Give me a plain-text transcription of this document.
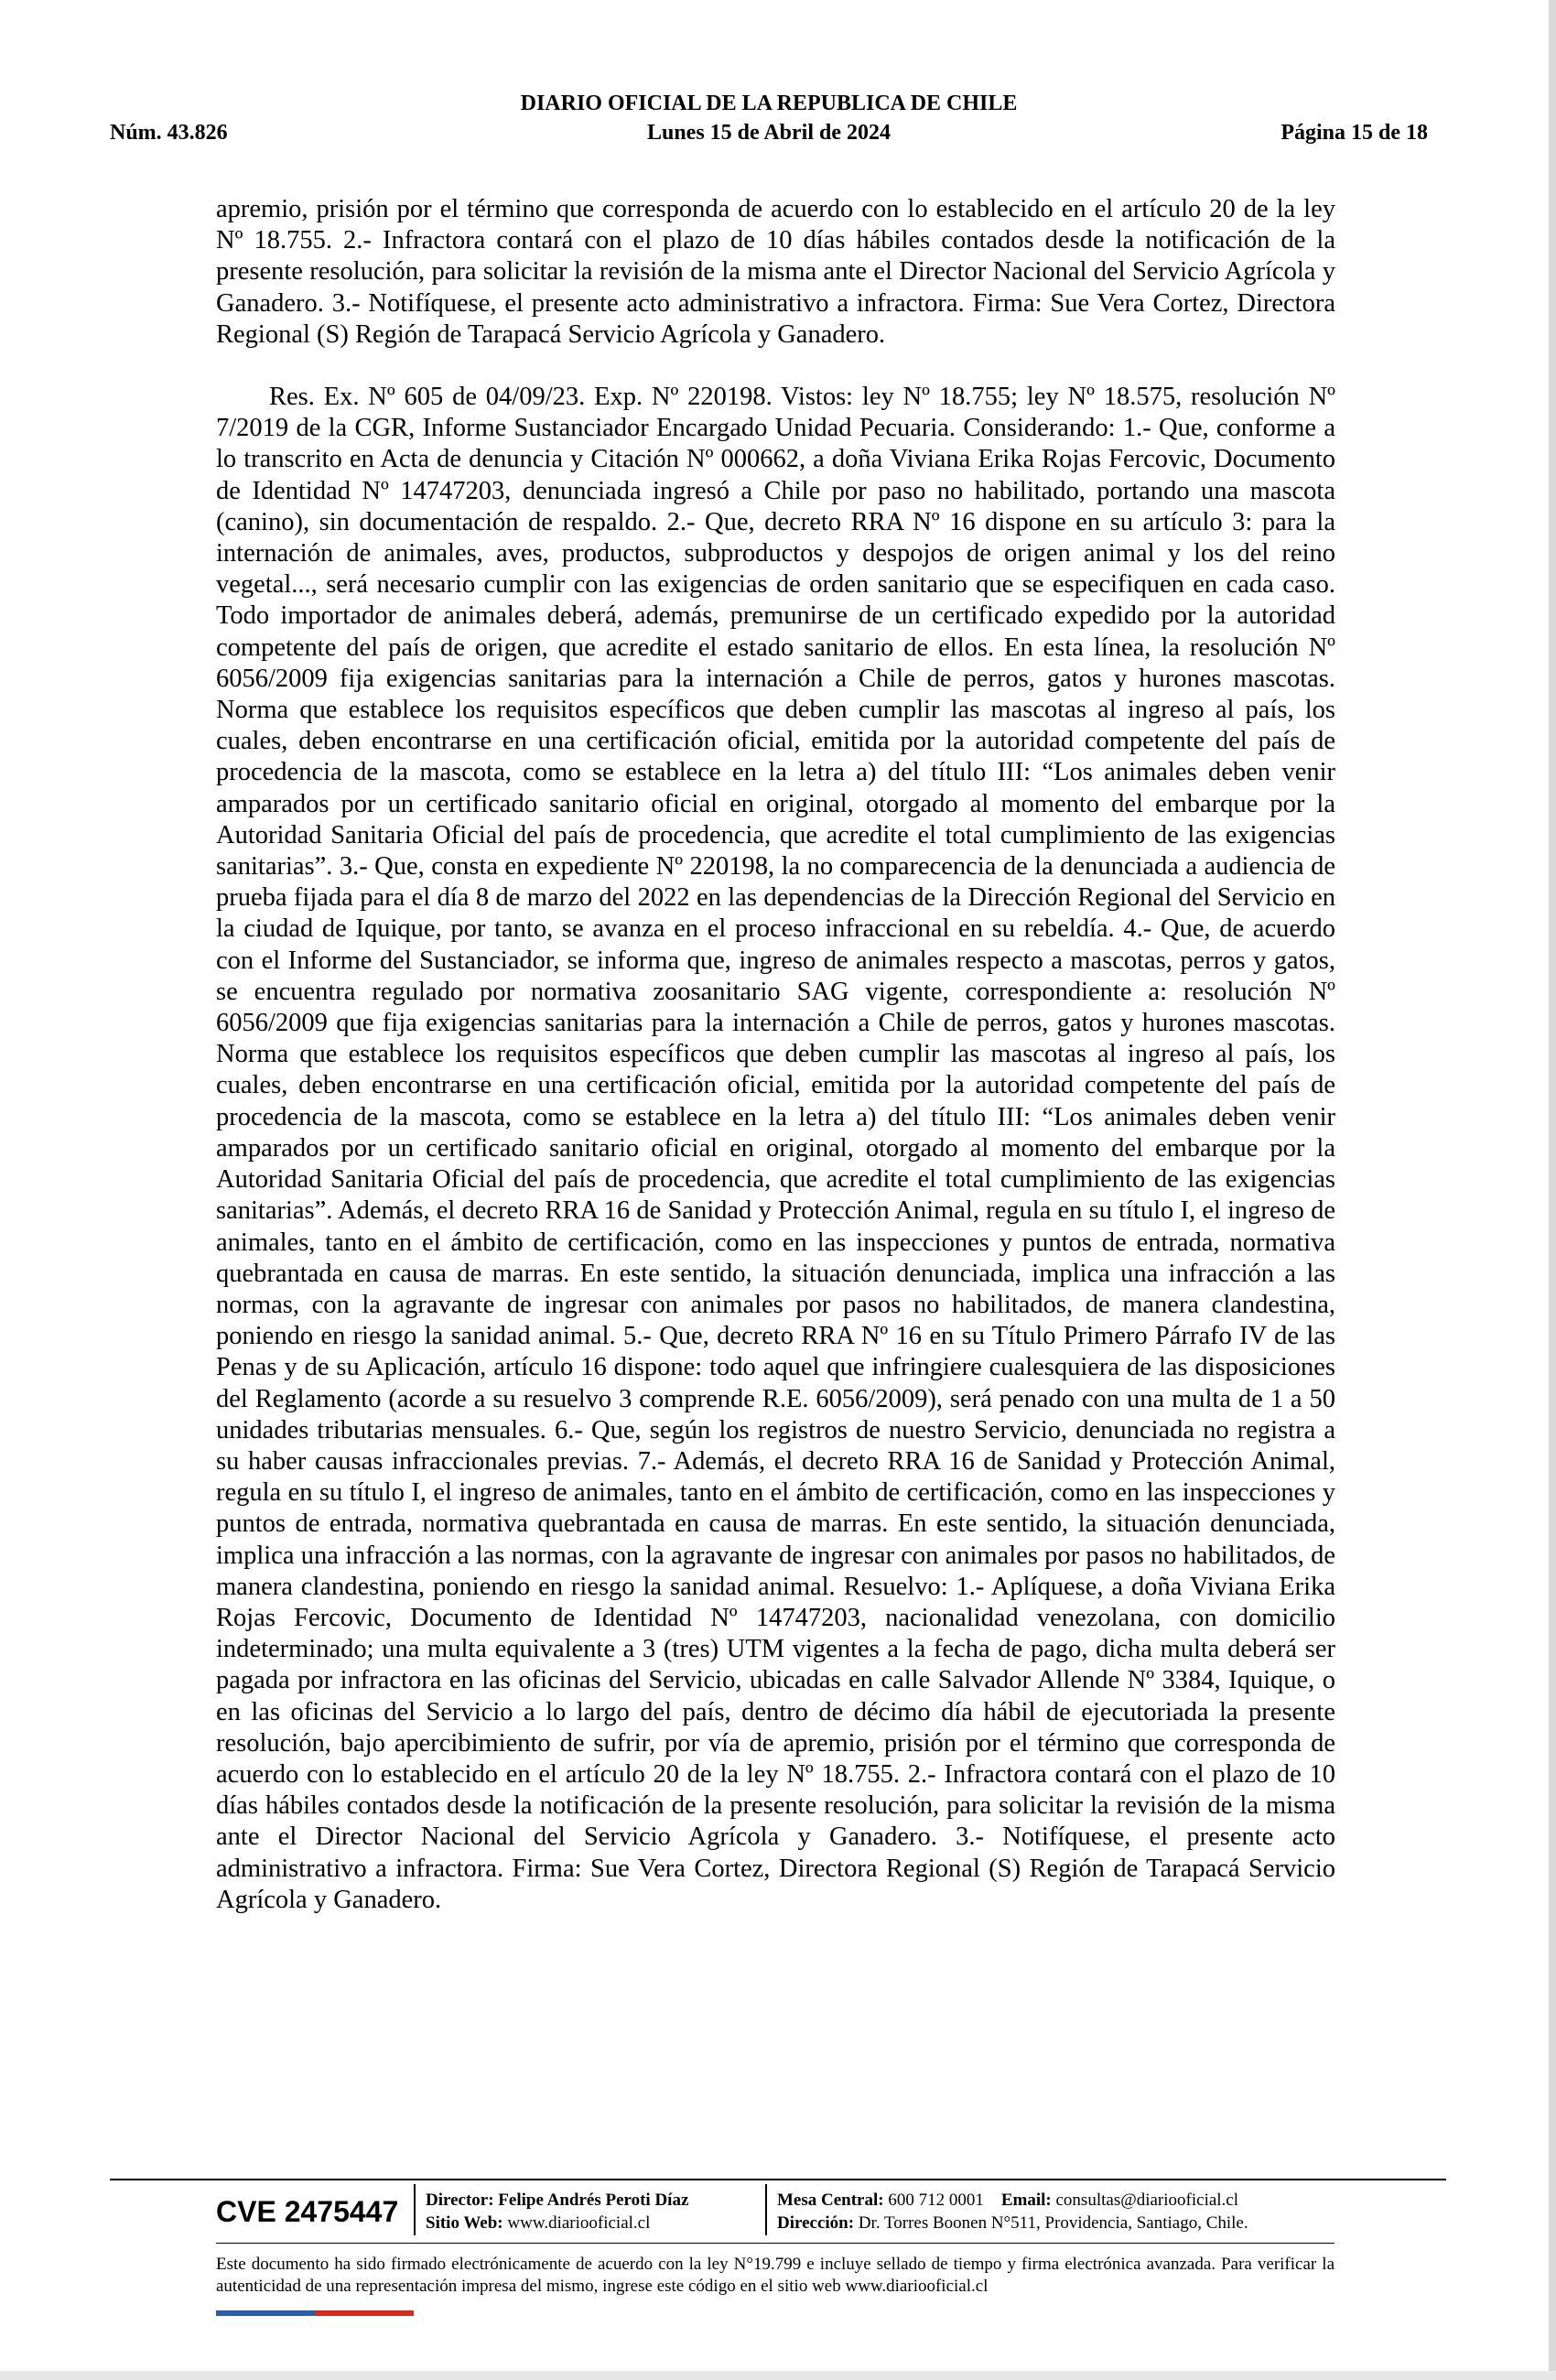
DIARIO OFICIAL DE LA REPUBLICA DE CHILE
Lunes 15 de Abril de 2024
Núm. 43.826	Página 15 de 18

apremio, prisión por el término que corresponda de acuerdo con lo establecido en el artículo 20 de la ley Nº 18.755. 2.- Infractora contará con el plazo de 10 días hábiles contados desde la notificación de la presente resolución, para solicitar la revisión de la misma ante el Director Nacional del Servicio Agrícola y Ganadero. 3.- Notifíquese, el presente acto administrativo a infractora. Firma: Sue Vera Cortez, Directora Regional (S) Región de Tarapacá Servicio Agrícola y Ganadero.

Res. Ex. Nº 605 de 04/09/23. Exp. Nº 220198. Vistos: ley Nº 18.755; ley Nº 18.575, resolución Nº 7/2019 de la CGR, Informe Sustanciador Encargado Unidad Pecuaria. Considerando: 1.- Que, conforme a lo transcrito en Acta de denuncia y Citación Nº 000662, a doña Viviana Erika Rojas Fercovic, Documento de Identidad Nº 14747203, denunciada ingresó a Chile por paso no habilitado, portando una mascota (canino), sin documentación de respaldo. 2.- Que, decreto RRA Nº 16 dispone en su artículo 3: para la internación de animales, aves, productos, subproductos y despojos de origen animal y los del reino vegetal..., será necesario cumplir con las exigencias de orden sanitario que se especifiquen en cada caso. Todo importador de animales deberá, además, premunirse de un certificado expedido por la autoridad competente del país de origen, que acredite el estado sanitario de ellos. En esta línea, la resolución Nº 6056/2009 fija exigencias sanitarias para la internación a Chile de perros, gatos y hurones mascotas. Norma que establece los requisitos específicos que deben cumplir las mascotas al ingreso al país, los cuales, deben encontrarse en una certificación oficial, emitida por la autoridad competente del país de procedencia de la mascota, como se establece en la letra a) del título III: “Los animales deben venir amparados por un certificado sanitario oficial en original, otorgado al momento del embarque por la Autoridad Sanitaria Oficial del país de procedencia, que acredite el total cumplimiento de las exigencias sanitarias”. 3.- Que, consta en expediente Nº 220198, la no comparecencia de la denunciada a audiencia de prueba fijada para el día 8 de marzo del 2022 en las dependencias de la Dirección Regional del Servicio en la ciudad de Iquique, por tanto, se avanza en el proceso infraccional en su rebeldía. 4.- Que, de acuerdo con el Informe del Sustanciador, se informa que, ingreso de animales respecto a mascotas, perros y gatos, se encuentra regulado por normativa zoosanitario SAG vigente, correspondiente a: resolución Nº 6056/2009 que fija exigencias sanitarias para la internación a Chile de perros, gatos y hurones mascotas. Norma que establece los requisitos específicos que deben cumplir las mascotas al ingreso al país, los cuales, deben encontrarse en una certificación oficial, emitida por la autoridad competente del país de procedencia de la mascota, como se establece en la letra a) del título III: “Los animales deben venir amparados por un certificado sanitario oficial en original, otorgado al momento del embarque por la Autoridad Sanitaria Oficial del país de procedencia, que acredite el total cumplimiento de las exigencias sanitarias”. Además, el decreto RRA 16 de Sanidad y Protección Animal, regula en su título I, el ingreso de animales, tanto en el ámbito de certificación, como en las inspecciones y puntos de entrada, normativa quebrantada en causa de marras. En este sentido, la situación denunciada, implica una infracción a las normas, con la agravante de ingresar con animales por pasos no habilitados, de manera clandestina, poniendo en riesgo la sanidad animal. 5.- Que, decreto RRA Nº 16 en su Título Primero Párrafo IV de las Penas y de su Aplicación, artículo 16 dispone: todo aquel que infringiere cualesquiera de las disposiciones del Reglamento (acorde a su resuelvo 3 comprende R.E. 6056/2009), será penado con una multa de 1 a 50 unidades tributarias mensuales. 6.- Que, según los registros de nuestro Servicio, denunciada no registra a su haber causas infraccionales previas. 7.- Además, el decreto RRA 16 de Sanidad y Protección Animal, regula en su título I, el ingreso de animales, tanto en el ámbito de certificación, como en las inspecciones y puntos de entrada, normativa quebrantada en causa de marras. En este sentido, la situación denunciada, implica una infracción a las normas, con la agravante de ingresar con animales por pasos no habilitados, de manera clandestina, poniendo en riesgo la sanidad animal. Resuelvo: 1.- Aplíquese, a doña Viviana Erika Rojas Fercovic, Documento de Identidad Nº 14747203, nacionalidad venezolana, con domicilio indeterminado; una multa equivalente a 3 (tres) UTM vigentes a la fecha de pago, dicha multa deberá ser pagada por infractora en las oficinas del Servicio, ubicadas en calle Salvador Allende Nº 3384, Iquique, o en las oficinas del Servicio a lo largo del país, dentro de décimo día hábil de ejecutoriada la presente resolución, bajo apercibimiento de sufrir, por vía de apremio, prisión por el término que corresponda de acuerdo con lo establecido en el artículo 20 de la ley Nº 18.755. 2.- Infractora contará con el plazo de 10 días hábiles contados desde la notificación de la presente resolución, para solicitar la revisión de la misma ante el Director Nacional del Servicio Agrícola y Ganadero. 3.- Notifíquese, el presente acto administrativo a infractora. Firma: Sue Vera Cortez, Directora Regional (S) Región de Tarapacá Servicio Agrícola y Ganadero.

CVE 2475447 Director: Felipe Andrés Peroti Díaz
Sitio Web: www.diariooficial.cl
Mesa Central: 600 712 0001 Email: consultas@diariooficial.cl
Dirección: Dr. Torres Boonen N°511, Providencia, Santiago, Chile.
Este documento ha sido firmado electrónicamente de acuerdo con la ley N°19.799 e incluye sellado de tiempo y firma electrónica avanzada. Para verificar la autenticidad de una representación impresa del mismo, ingrese este código en el sitio web www.diariooficial.cl
